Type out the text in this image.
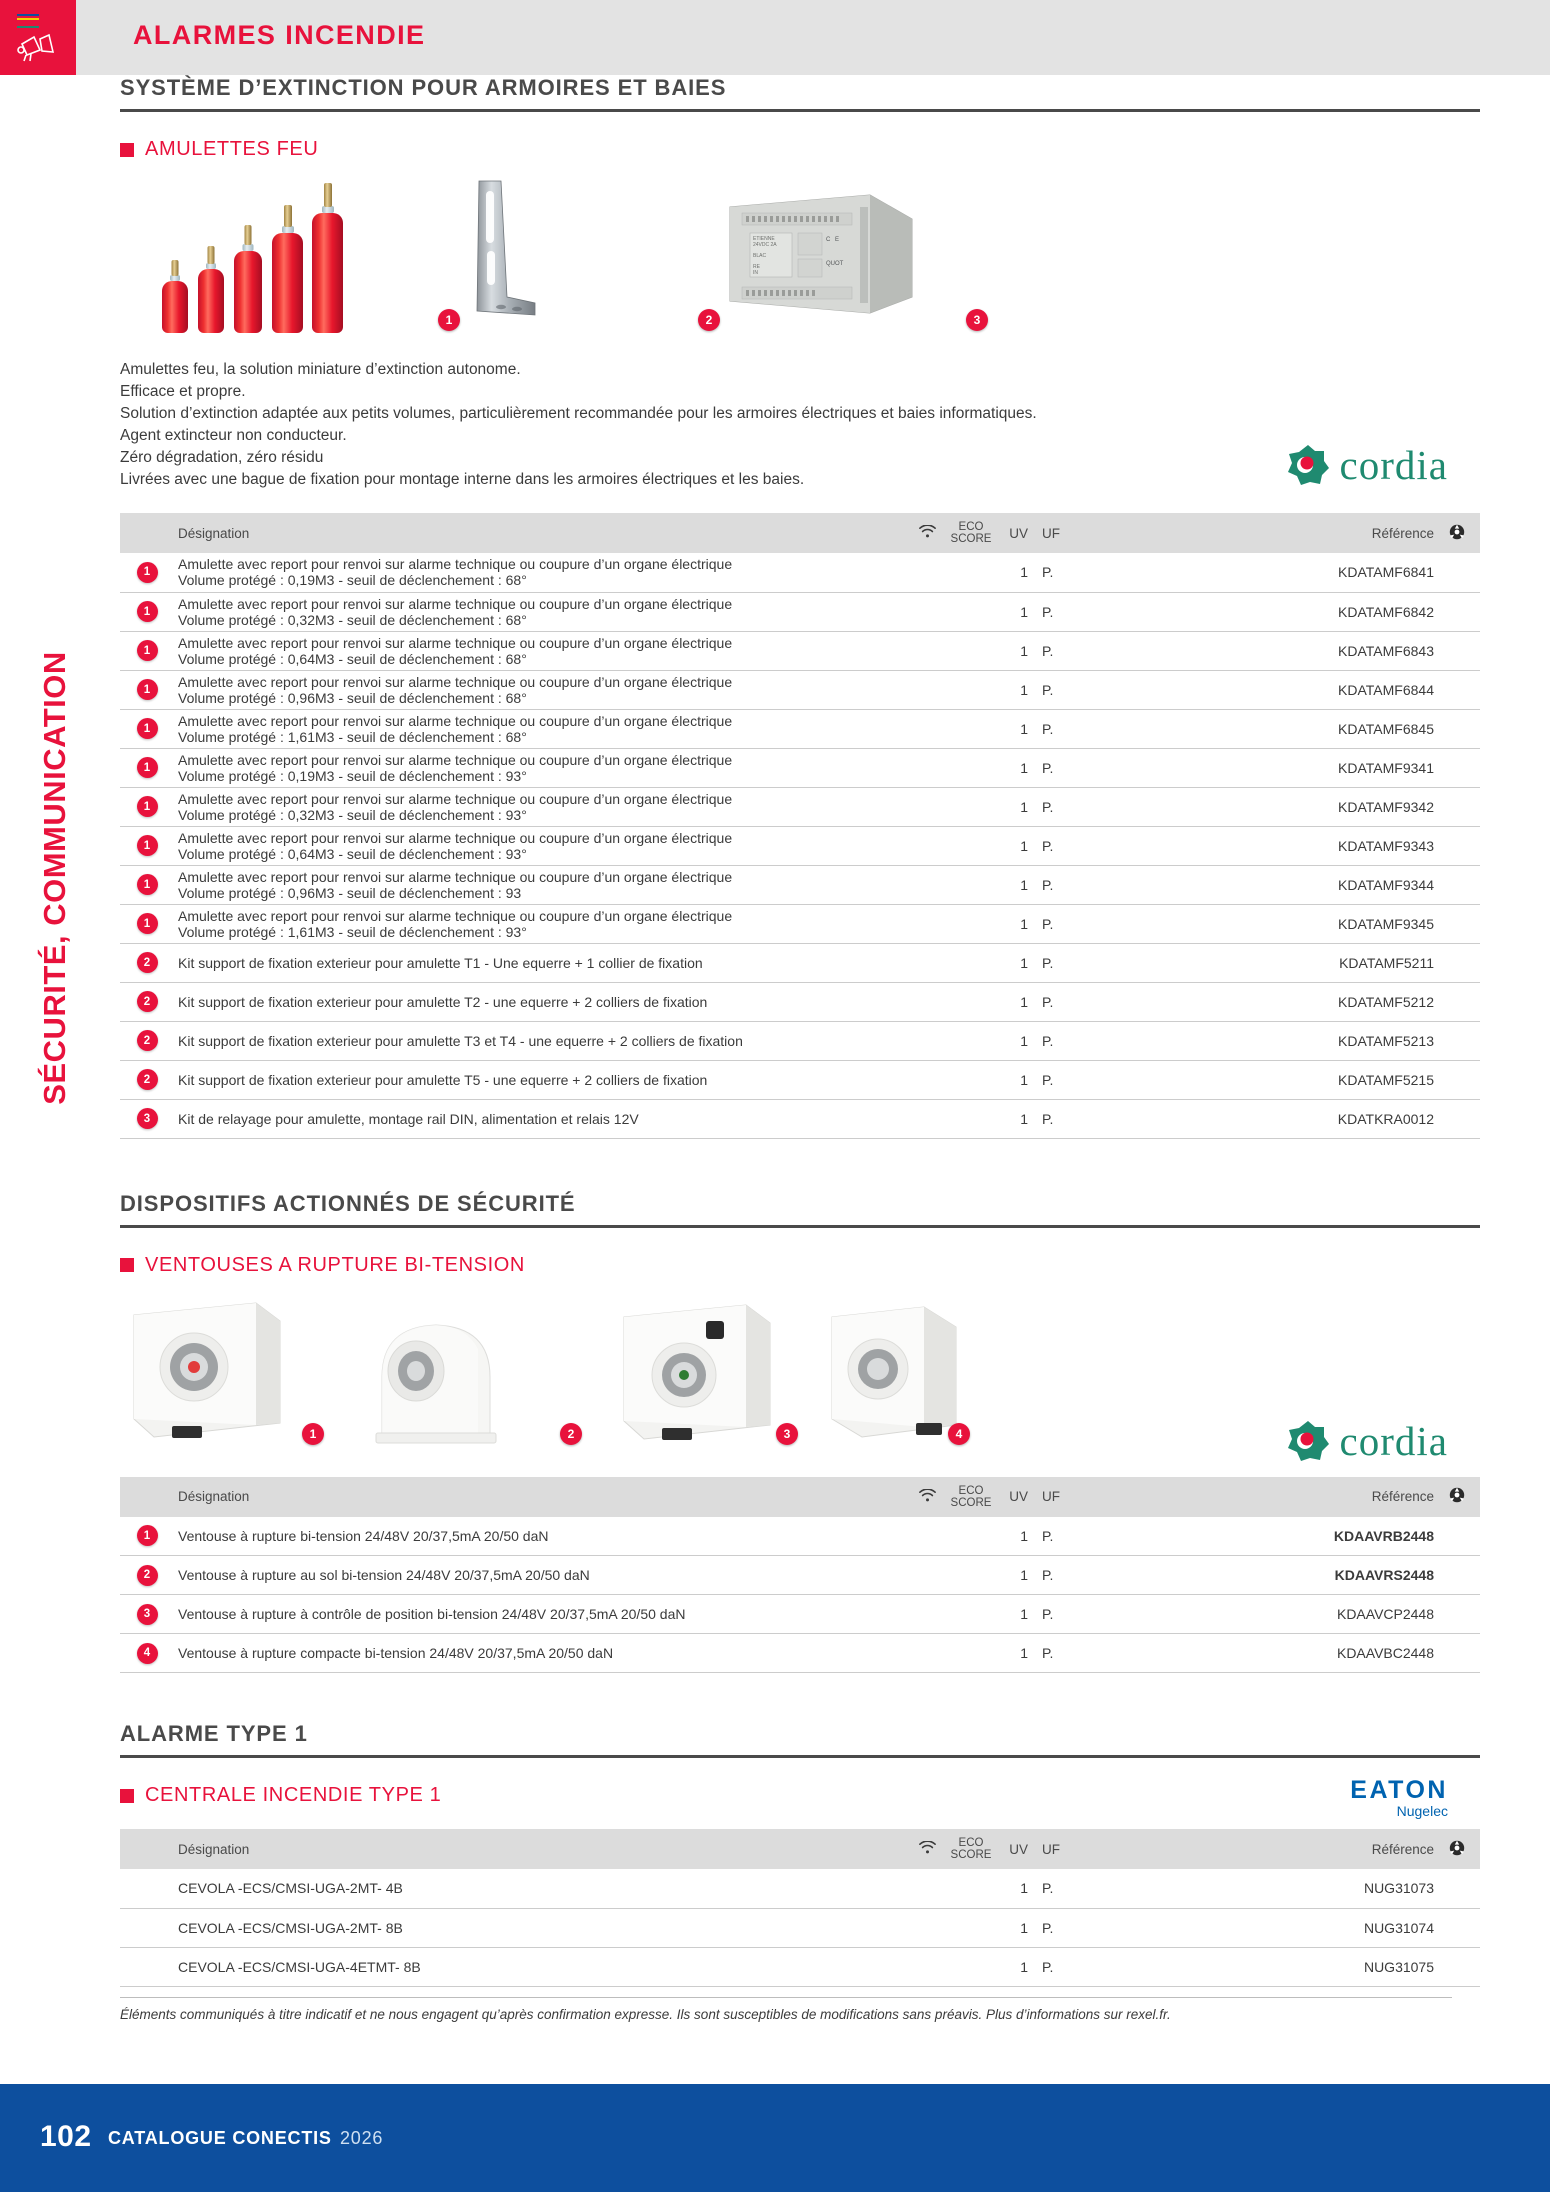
SÉCURITÉ, COMMUNICATION
ALARMES INCENDIE
SYSTÈME D’EXTINCTION POUR ARMOIRES ET BAIES
AMULETTES FEU
ETIENNE
24VDC 2A
BLAC
RE
IN
C E
QUOT
1	2	3
Amulettes feu, la solution miniature d’extinction autonome.
Efficace et propre.
Solution d’extinction adaptée aux petits volumes, particulièrement recommandée pour les armoires électriques et baies informatiques.
Agent extincteur non conducteur.
Zéro dégradation, zéro résidu
Livrées avec une bague de fixation pour montage interne dans les armoires électriques et les baies.	cordia
	Désignation		ECO
SCORE	UV	UF		Référence	
1	Amulette avec report pour renvoi sur alarme technique ou coupure d’un organe électrique
Volume protégé : 0,19M3 - seuil de déclenchement : 68°			1	P.		KDATAMF6841	
1	Amulette avec report pour renvoi sur alarme technique ou coupure d’un organe électrique
Volume protégé : 0,32M3 - seuil de déclenchement : 68°			1	P.		KDATAMF6842	
1	Amulette avec report pour renvoi sur alarme technique ou coupure d’un organe électrique
Volume protégé : 0,64M3 - seuil de déclenchement : 68°			1	P.		KDATAMF6843	
1	Amulette avec report pour renvoi sur alarme technique ou coupure d’un organe électrique
Volume protégé : 0,96M3 - seuil de déclenchement : 68°			1	P.		KDATAMF6844	
1	Amulette avec report pour renvoi sur alarme technique ou coupure d’un organe électrique
Volume protégé : 1,61M3 - seuil de déclenchement : 68°			1	P.		KDATAMF6845	
1	Amulette avec report pour renvoi sur alarme technique ou coupure d’un organe électrique
Volume protégé : 0,19M3 - seuil de déclenchement : 93°			1	P.		KDATAMF9341	
1	Amulette avec report pour renvoi sur alarme technique ou coupure d’un organe électrique
Volume protégé : 0,32M3 - seuil de déclenchement : 93°			1	P.		KDATAMF9342	
1	Amulette avec report pour renvoi sur alarme technique ou coupure d’un organe électrique
Volume protégé : 0,64M3 - seuil de déclenchement : 93°			1	P.		KDATAMF9343	
1	Amulette avec report pour renvoi sur alarme technique ou coupure d’un organe électrique
Volume protégé : 0,96M3 - seuil de déclenchement : 93			1	P.		KDATAMF9344	
1	Amulette avec report pour renvoi sur alarme technique ou coupure d’un organe électrique
Volume protégé : 1,61M3 - seuil de déclenchement : 93°			1	P.		KDATAMF9345	
2	Kit support de fixation exterieur pour amulette T1 - Une equerre + 1 collier de fixation			1	P.		KDATAMF5211	
2	Kit support de fixation exterieur pour amulette T2 - une equerre + 2 colliers de fixation			1	P.		KDATAMF5212	
2	Kit support de fixation exterieur pour amulette T3 et T4 - une equerre + 2 colliers de fixation			1	P.		KDATAMF5213	
2	Kit support de fixation exterieur pour amulette T5 - une equerre + 2 colliers de fixation			1	P.		KDATAMF5215	
3	Kit de relayage pour amulette, montage rail DIN, alimentation et relais 12V			1	P.		KDATKRA0012	
DISPOSITIFS ACTIONNÉS DE SÉCURITÉ
VENTOUSES A RUPTURE BI-TENSION
1	2	3	4	cordia
	Désignation		ECO
SCORE	UV	UF		Référence	
1	Ventouse à rupture bi-tension 24/48V 20/37,5mA 20/50 daN			1	P.		KDAAVRB2448	
2	Ventouse à rupture au sol bi-tension 24/48V 20/37,5mA 20/50 daN			1	P.		KDAAVRS2448	
3	Ventouse à rupture à contrôle de position bi-tension 24/48V 20/37,5mA 20/50 daN			1	P.		KDAAVCP2448	
4	Ventouse à rupture compacte bi-tension 24/48V 20/37,5mA 20/50 daN			1	P.		KDAAVBC2448	
ALARME TYPE 1
CENTRALE INCENDIE TYPE 1	EATON
Nugelec
	Désignation		ECO
SCORE	UV	UF		Référence	

	CEVOLA -ECS/CMSI-UGA-2MT- 4B			1	P.		NUG31073	

	CEVOLA -ECS/CMSI-UGA-2MT- 8B			1	P.		NUG31074	

	CEVOLA -ECS/CMSI-UGA-4ETMT- 8B			1	P.		NUG31075	
Éléments communiqués à titre indicatif et ne nous engagent qu’après confirmation expresse. Ils sont susceptibles de modifications sans préavis. Plus d’informations sur rexel.fr.
102 CATALOGUE CONECTIS 2026
